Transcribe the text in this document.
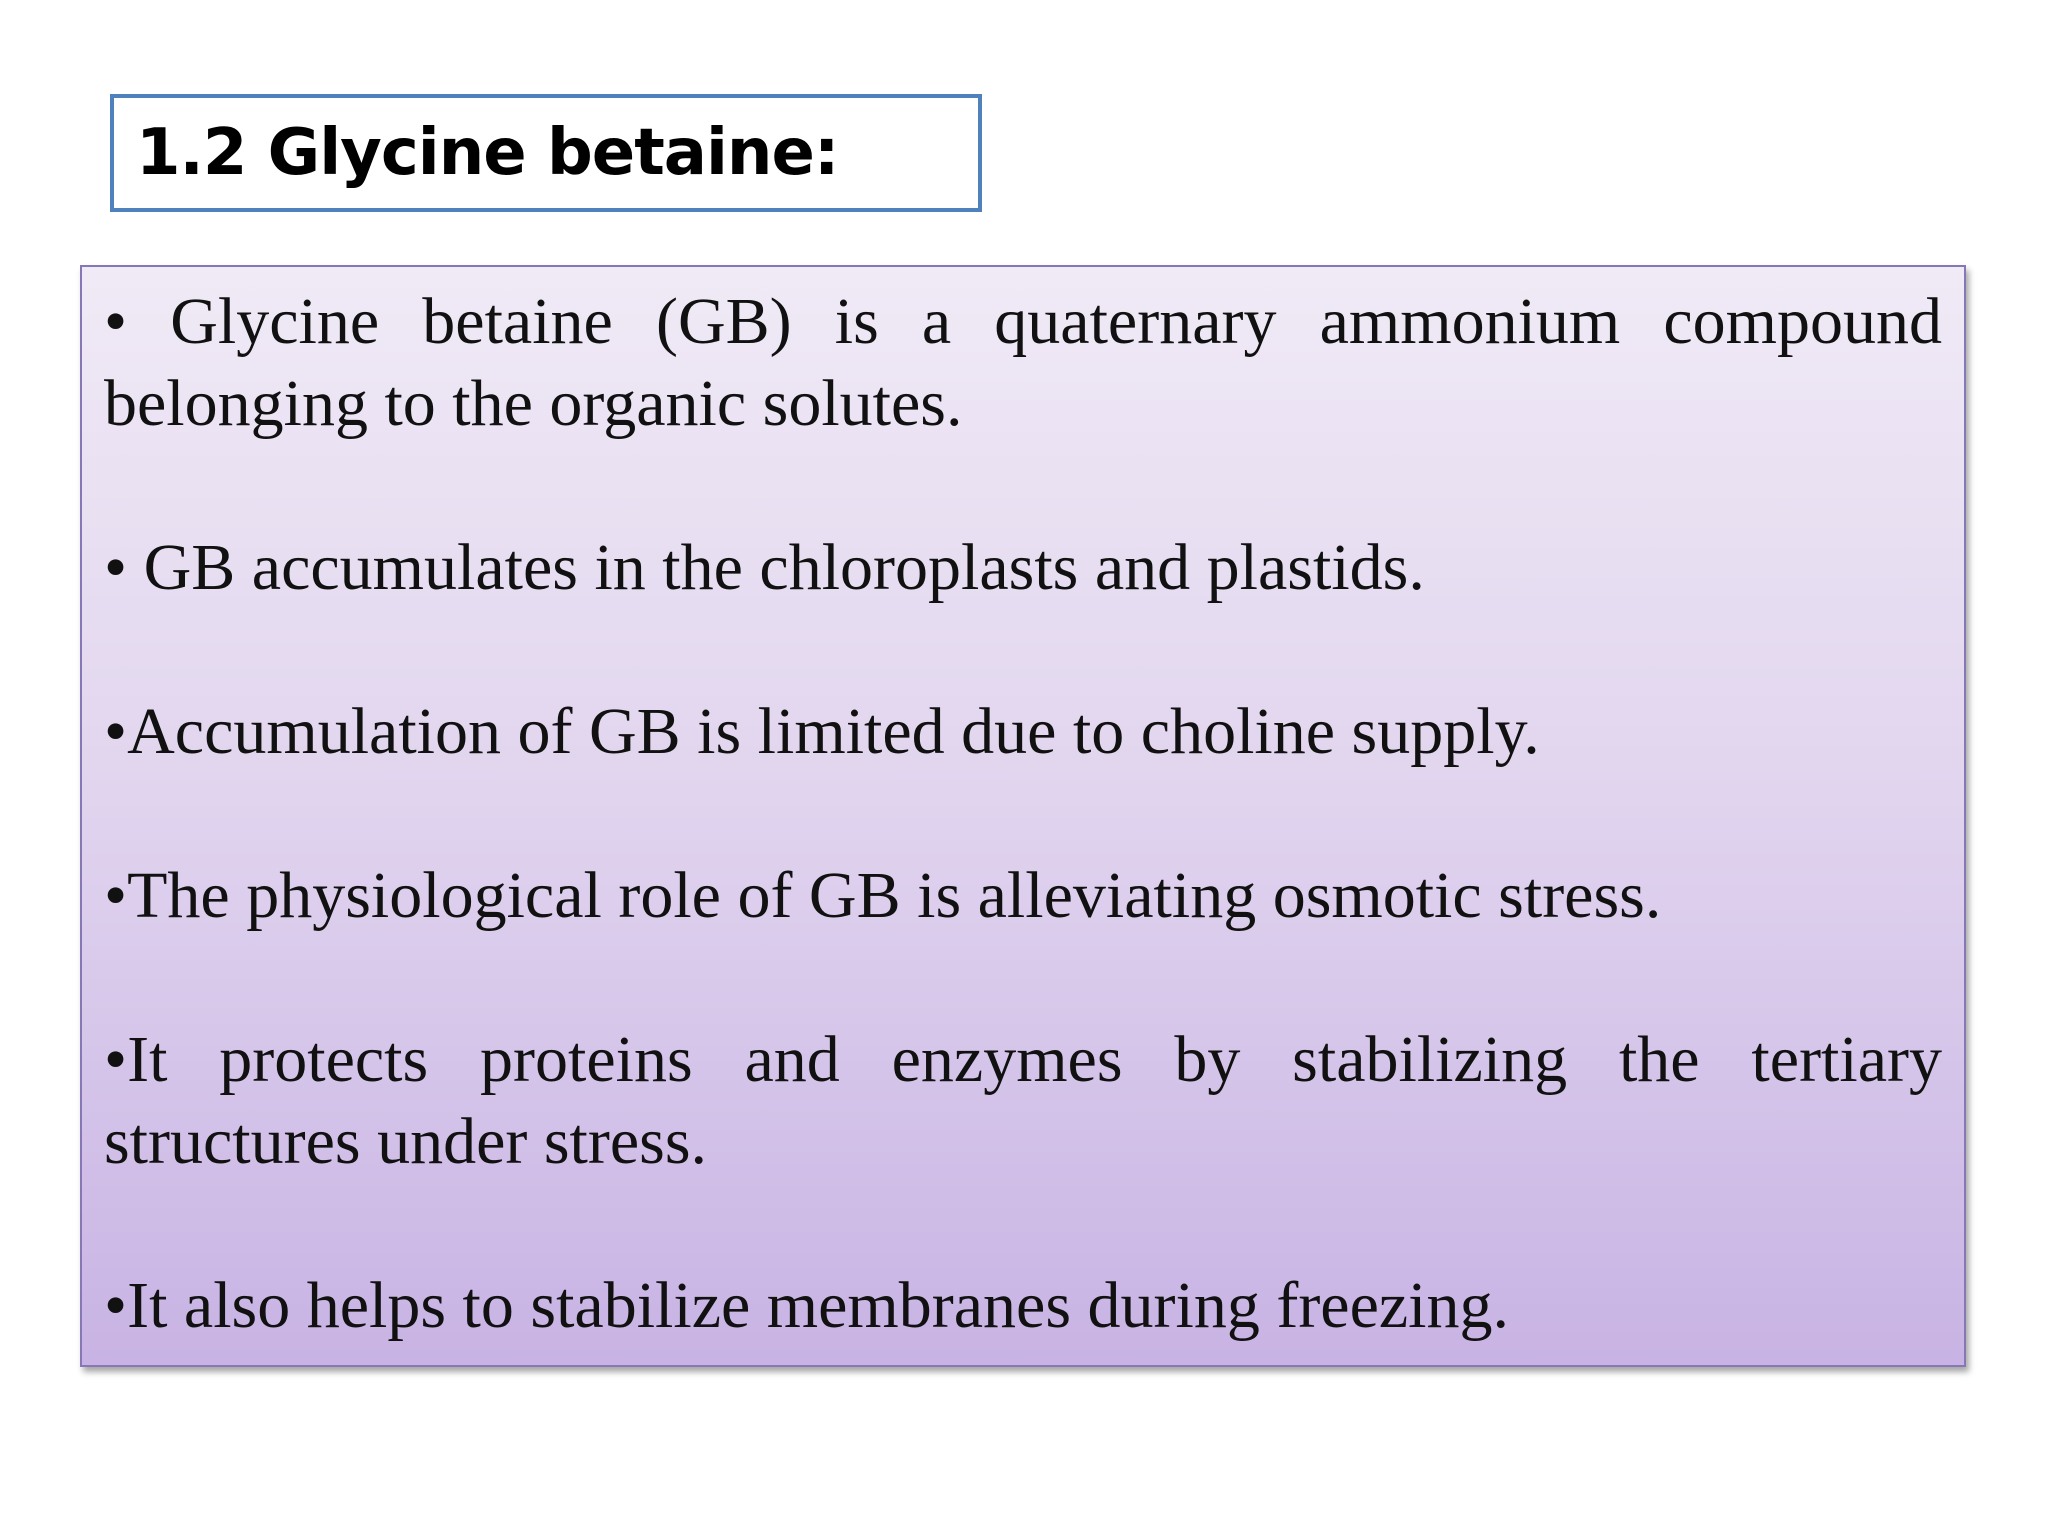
1.2 Glycine betaine:
• Glycine betaine (GB) is a quaternary ammonium compound
belonging to the organic solutes.
• GB accumulates in the chloroplasts and plastids.
•Accumulation of GB is limited due to choline supply.
•The physiological role of GB is alleviating osmotic stress.
•It protects proteins and enzymes by stabilizing the tertiary
structures under stress.
•It also helps to stabilize membranes during freezing.
